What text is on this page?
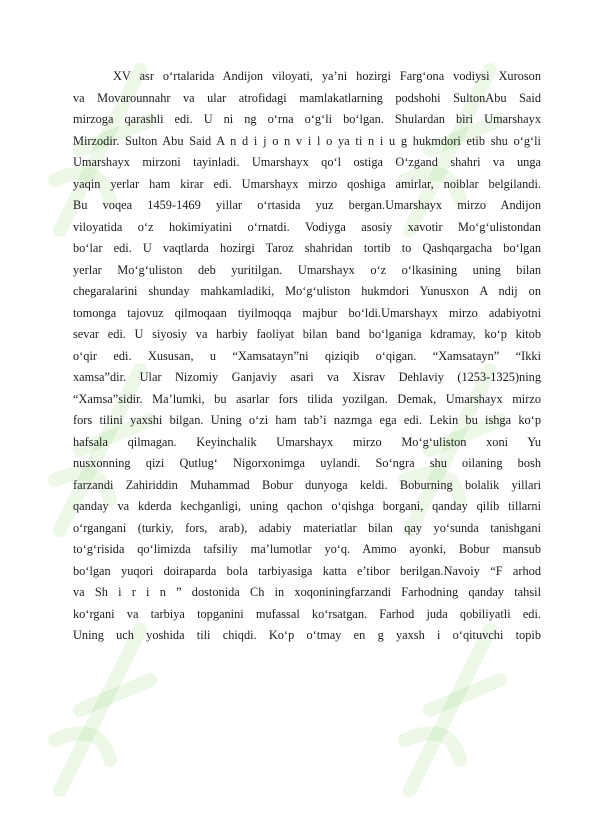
XV asr o‘rtalarida Andijon viloyati, ya’ni hozirgi Farg‘ona vodiysi Xuroson
va Movarounnahr va ular atrofidagi mamlakatlarning podshohi SultonAbu Said
mirzoga qarashli edi. U ni ng o‘rna o‘g‘li bo‘lgan. Shulardan biri Umarshayx
Mirzodir. Sulton Abu Said A n d i j o n v i l o ya ti n i u g hukmdori etib shu o‘g‘li
Umarshayx mirzoni tayinladi. Umarshayx qo‘l ostiga O‘zgand shahri va unga
yaqin yerlar ham kirar edi. Umarshayx mirzo qoshiga amirlar, noiblar belgilandi.
Bu voqea 1459-1469 yillar o‘rtasida yuz bergan.Umarshayx mirzo Andijon
viloyatida o‘z hokimiyatini o‘rnatdi. Vodiyga asosiy xavotir Mo‘g‘ulistondan
bo‘lar edi. U vaqtlarda hozirgi Taroz shahridan tortib to Qashqargacha bo‘lgan
yerlar Mo‘g‘uliston deb yuritilgan. Umarshayx o‘z o‘lkasining uning bilan
chegaralarini shunday mahkamladiki, Mo‘g‘uliston hukmdori Yunusxon A ndij on
tomonga tajovuz qilmoqaan tiyilmoqqa majbur bo‘ldi.Umarshayx mirzo adabiyotni
sevar edi. U siyosiy va harbiy faoliyat bilan band bo‘lganiga kdramay, ko‘p kitob
o‘qir edi. Xususan, u “Xamsatayn”ni qiziqib o‘qigan. “Xamsatayn” “Ikki
xamsa”dir. Ular Nizomiy Ganjaviy asari va Xisrav Dehlaviy (1253-1325)ning
“Xamsa”sidir. Ma’lumki, bu asarlar fors tilida yozilgan. Demak, Umarshayx mirzo
fors tilini yaxshi bilgan. Uning o‘zi ham tab’i nazmga ega edi. Lekin bu ishga ko‘p
hafsala qilmagan. Keyinchalik Umarshayx mirzo Mo‘g‘uliston xoni Yu
nusxonning qizi Qutlug‘ Nigorxonimga uylandi. So‘ngra shu oilaning bosh
farzandi Zahiriddin Muhammad Bobur dunyoga keldi. Boburning bolalik yillari
qanday va kderda kechganligi, uning qachon o‘qishga borgani, qanday qilib tillarni
o‘rgangani (turkiy, fors, arab), adabiy materiatlar bilan qay yo‘sunda tanishgani
to‘g‘risida qo‘limizda tafsiliy ma’lumotlar yo‘q. Ammo ayonki, Bobur mansub
bo‘lgan yuqori doiraparda bola tarbiyasiga katta e’tibor berilgan.Navoiy “F arhod
va Sh i r i n ” dostonida Ch in xoqoniningfarzandi Farhodning qanday tahsil
ko‘rgani va tarbiya topganini mufassal ko‘rsatgan. Farhod juda qobiliyatli edi.
Uning uch yoshida tili chiqdi. Ko‘p o‘tmay en g yaxsh i o‘qituvchi topib
